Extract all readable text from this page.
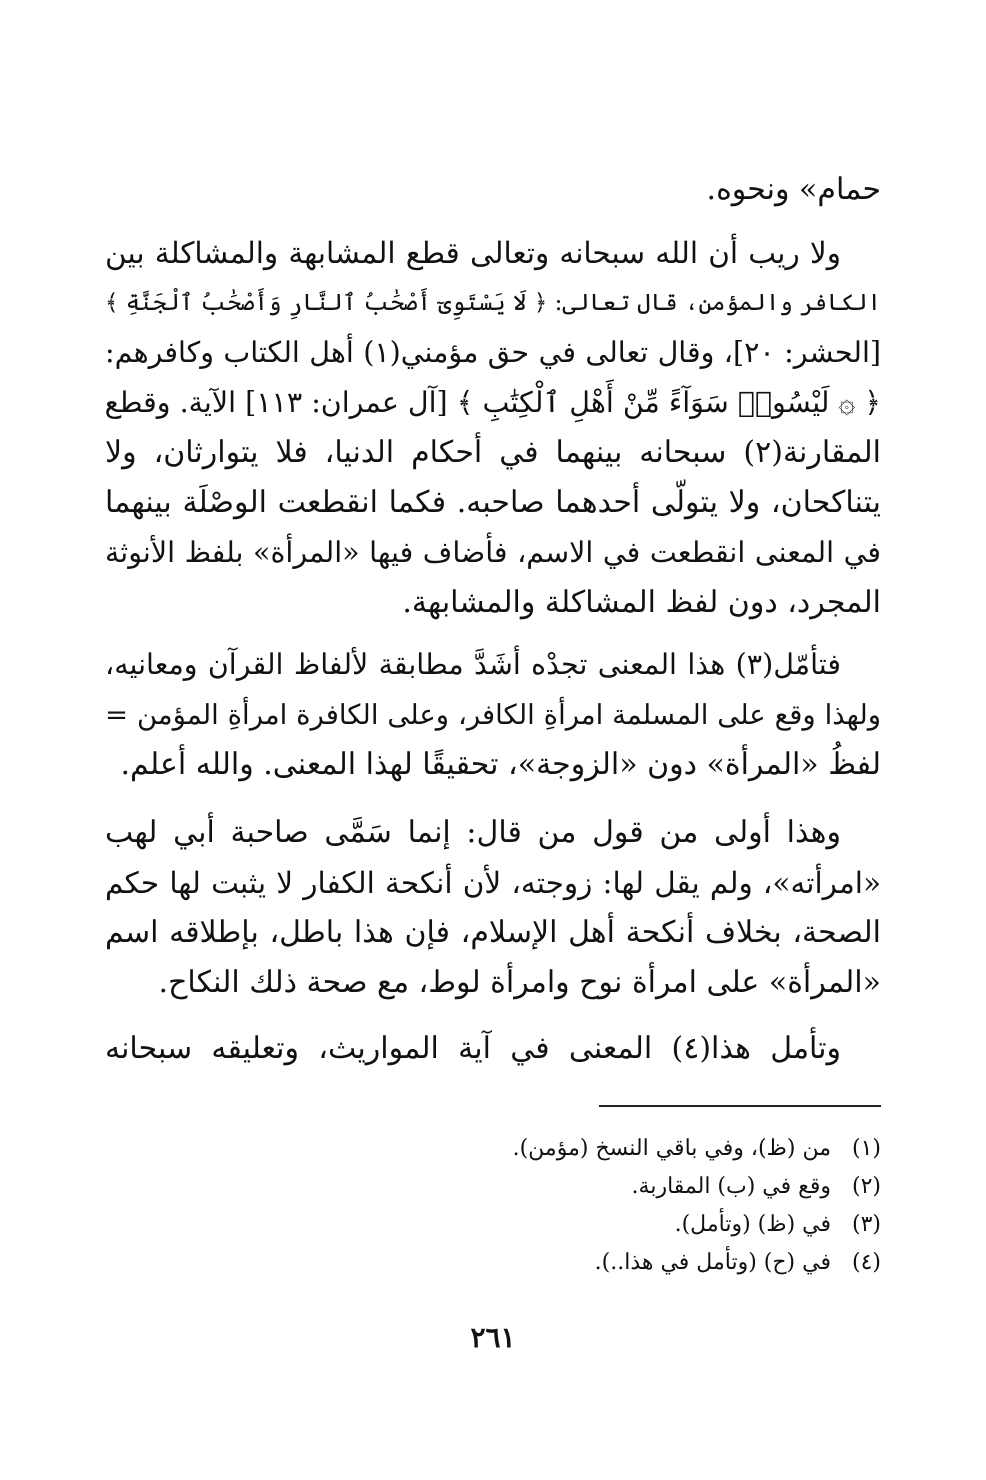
حمام» ونحوه.
ولا ريب أن الله سبحانه وتعالى قطع المشابهة والمشاكلة بين
الكافر والمؤمن، قال تعالى: ﴿ لَا يَسْتَوِىٓ أَصْحَٰبُ ٱلنَّارِ وَأَصْحَٰبُ ٱلْجَنَّةِ ﴾
[الحشر: ٢٠]، وقال تعالى في حق مؤمني(١) أهل الكتاب وكافرهم:
﴿ ۞ لَيْسُوا۟ سَوَآءً مِّنْ أَهْلِ ٱلْكِتَٰبِ ﴾ [آل عمران: ١١٣] الآية. وقطع
المقارنة(٢) سبحانه بينهما في أحكام الدنيا، فلا يتوارثان، ولا
يتناكحان، ولا يتولّى أحدهما صاحبه. فكما انقطعت الوصْلَة بينهما
في المعنى انقطعت في الاسم، فأضاف فيها «المرأة» بلفظ الأنوثة
المجرد، دون لفظ المشاكلة والمشابهة.
فتأمّل(٣) هذا المعنى تجدْه أشَدَّ مطابقة لألفاظ القرآن ومعانيه،
ولهذا وقع على المسلمة امرأةِ الكافر، وعلى الكافرة امرأةِ المؤمن =
لفظُ «المرأة» دون «الزوجة»، تحقيقًا لهذا المعنى. والله أعلم.
وهذا أولى من قول من قال: إنما سَمَّى صاحبة أبي لهب
«امرأته»، ولم يقل لها: زوجته، لأن أنكحة الكفار لا يثبت لها حكم
الصحة، بخلاف أنكحة أهل الإسلام، فإن هذا باطل، بإطلاقه اسم
«المرأة» على امرأة نوح وامرأة لوط، مع صحة ذلك النكاح.
وتأمل هذا(٤) المعنى في آية المواريث، وتعليقه سبحانه
(١)
من (ظ)، وفي باقي النسخ (مؤمن).
(٢)
وقع في (ب) المقاربة.
(٣)
في (ظ) (وتأمل).
(٤)
في (ح) (وتأمل في هذا..).
٢٦١
